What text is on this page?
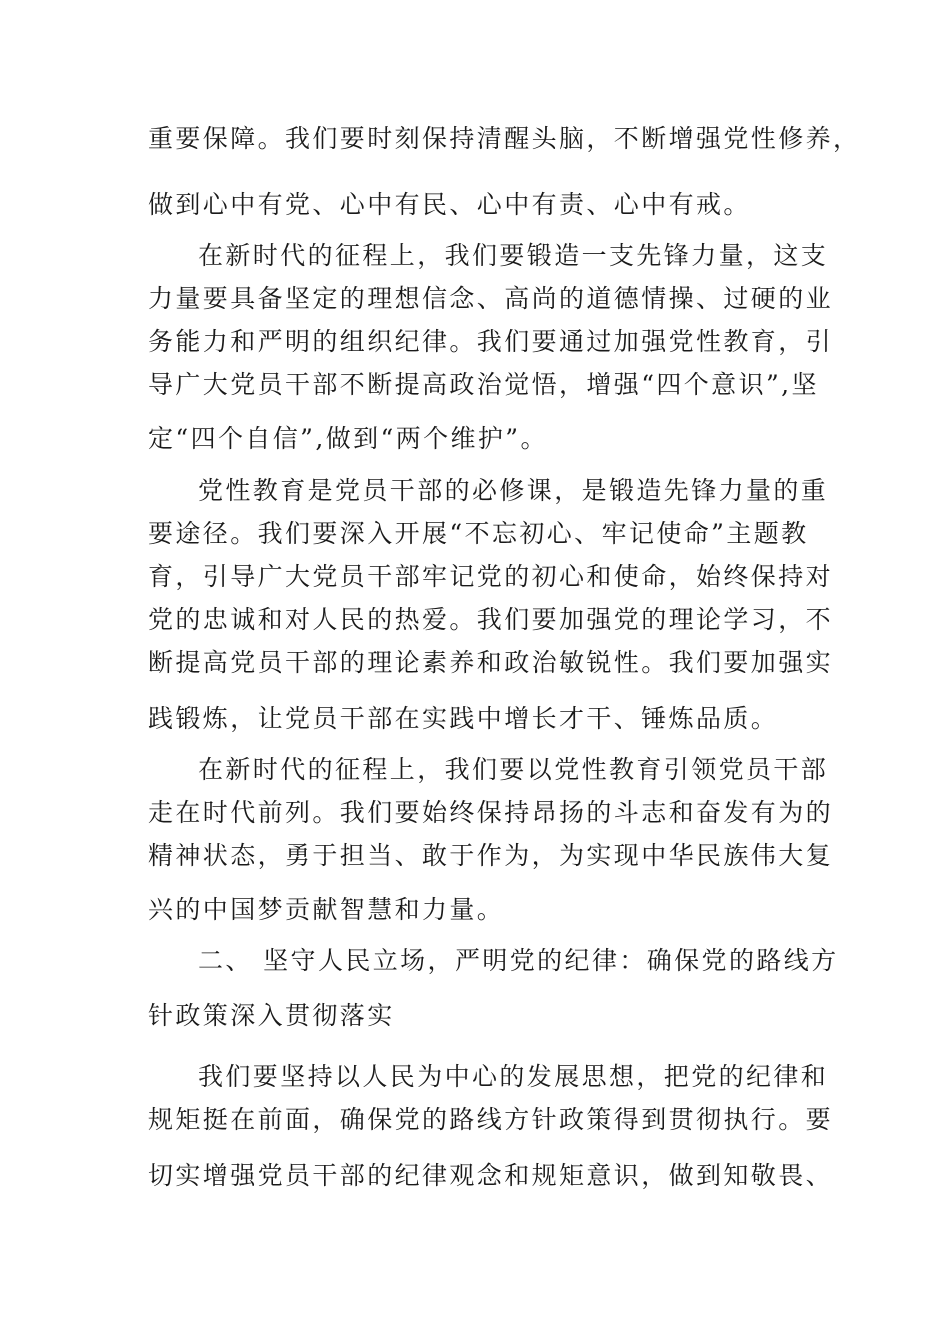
重要保障。我们要时刻保持清醒头脑，不断增强党性修养，
做到心中有党、心中有民、心中有责、心中有戒。
在新时代的征程上，我们要锻造一支先锋力量，这支
力量要具备坚定的理想信念、高尚的道德情操、过硬的业
务能力和严明的组织纪律。我们要通过加强党性教育，引
导广大党员干部不断提高政治觉悟，增强“四个意识”,坚
定“四个自信”,做到“两个维护”。
党性教育是党员干部的必修课，是锻造先锋力量的重
要途径。我们要深入开展“不忘初心、牢记使命”主题教
育，引导广大党员干部牢记党的初心和使命，始终保持对
党的忠诚和对人民的热爱。我们要加强党的理论学习，不
断提高党员干部的理论素养和政治敏锐性。我们要加强实
践锻炼，让党员干部在实践中增长才干、锤炼品质。
在新时代的征程上，我们要以党性教育引领党员干部
走在时代前列。我们要始终保持昂扬的斗志和奋发有为的
精神状态，勇于担当、敢于作为，为实现中华民族伟大复
兴的中国梦贡献智慧和力量。
二、 坚守人民立场，严明党的纪律：确保党的路线方
针政策深入贯彻落实
我们要坚持以人民为中心的发展思想，把党的纪律和
规矩挺在前面，确保党的路线方针政策得到贯彻执行。要
切实增强党员干部的纪律观念和规矩意识，做到知敬畏、
